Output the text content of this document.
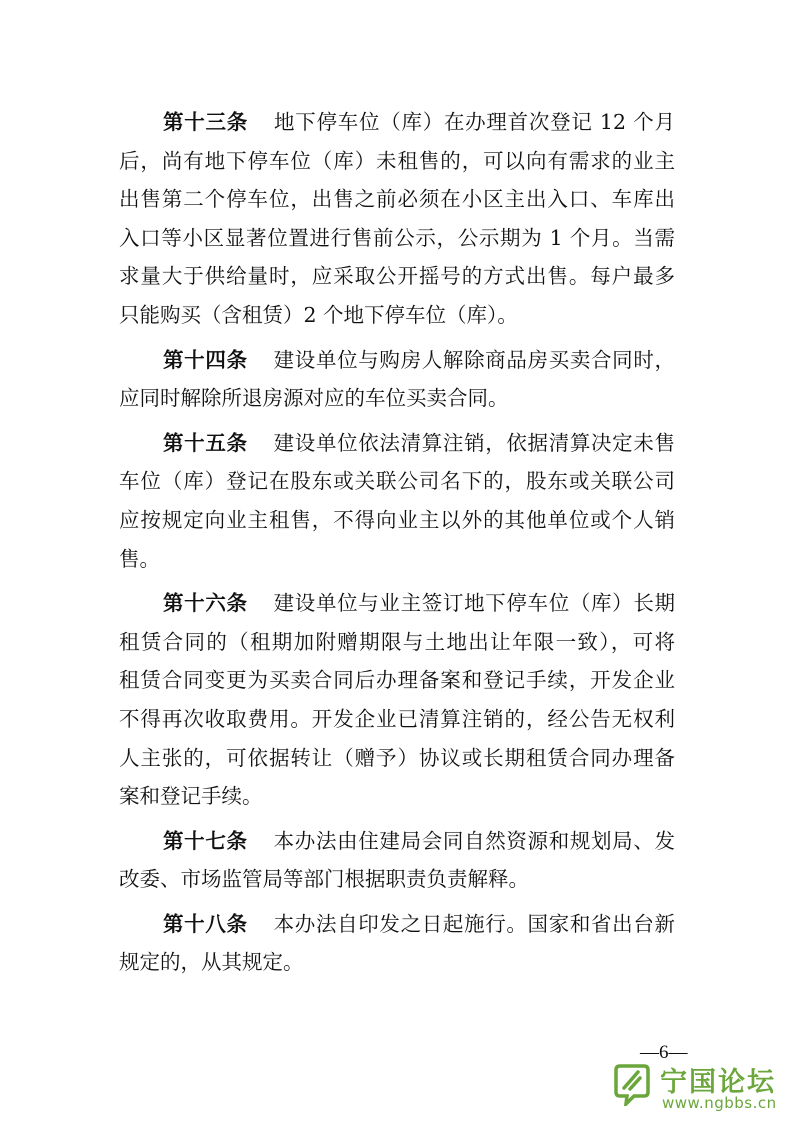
第十三条 地下停车位（库）在办理首次登记 12 个月
后，尚有地下停车位（库）未租售的，可以向有需求的业主
出售第二个停车位，出售之前必须在小区主出入口、车库出
入口等小区显著位置进行售前公示，公示期为 1 个月。当需
求量大于供给量时，应采取公开摇号的方式出售。每户最多
只能购买（含租赁）2 个地下停车位（库）。
第十四条 建设单位与购房人解除商品房买卖合同时，
应同时解除所退房源对应的车位买卖合同。
第十五条 建设单位依法清算注销，依据清算决定未售
车位（库）登记在股东或关联公司名下的，股东或关联公司
应按规定向业主租售，不得向业主以外的其他单位或个人销
售。
第十六条 建设单位与业主签订地下停车位（库）长期
租赁合同的（租期加附赠期限与土地出让年限一致），可将
租赁合同变更为买卖合同后办理备案和登记手续，开发企业
不得再次收取费用。开发企业已清算注销的，经公告无权利
人主张的，可依据转让（赠予）协议或长期租赁合同办理备
案和登记手续。
第十七条 本办法由住建局会同自然资源和规划局、发
改委、市场监管局等部门根据职责负责解释。
第十八条 本办法自印发之日起施行。国家和省出台新
规定的，从其规定。
—6—
宁国论坛
www.ngbbs.cn
